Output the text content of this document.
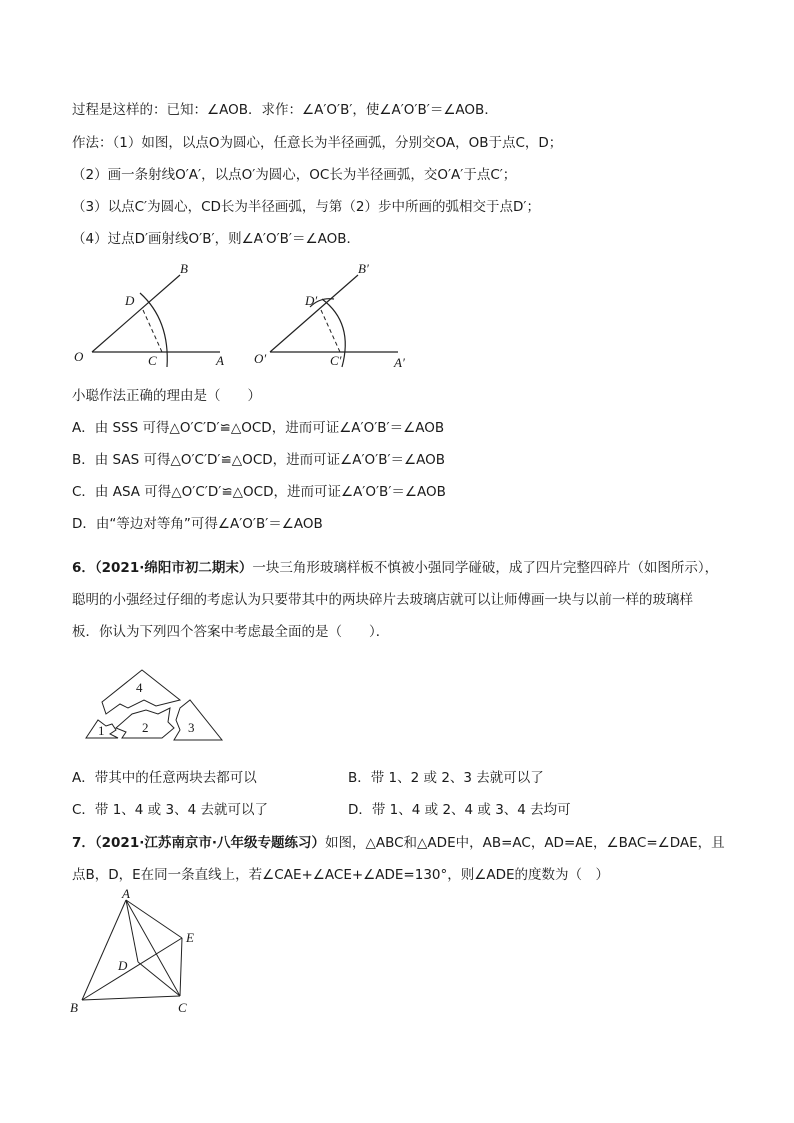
过程是这样的：已知：∠AOB．求作：∠A′O′B′，使∠A′O′B′＝∠AOB．
作法：（1）如图，以点O为圆心，任意长为半径画弧，分别交OA，OB于点C，D；
（2）画一条射线O′A′，以点O′为圆心，OC长为半径画弧，交O′A′于点C′；
（3）以点C′为圆心，CD长为半径画弧，与第（2）步中所画的弧相交于点D′；
（4）过点D′画射线O′B′，则∠A′O′B′＝∠AOB．
O	C	A
D
B
O′	C′	A′
D′
B′
小聪作法正确的理由是（　　）
A．由 SSS 可得△O′C′D′≌△OCD，进而可证∠A′O′B′＝∠AOB
B．由 SAS 可得△O′C′D′≌△OCD，进而可证∠A′O′B′＝∠AOB
C．由 ASA 可得△O′C′D′≌△OCD，进而可证∠A′O′B′＝∠AOB
D．由“等边对等角”可得∠A′O′B′＝∠AOB
6．（2021·绵阳市初二期末）一块三角形玻璃样板不慎被小强同学碰破，成了四片完整四碎片（如图所示），
聪明的小强经过仔细的考虑认为只要带其中的两块碎片去玻璃店就可以让师傅画一块与以前一样的玻璃样
板．你认为下列四个答案中考虑最全面的是（　　）．
4
1	2	3
A．带其中的任意两块去都可以	B．带 1、2 或 2、3 去就可以了
C．带 1、4 或 3、4 去就可以了	D．带 1、4 或 2、4 或 3、4 去均可
7．（2021·江苏南京市·八年级专题练习）如图，△ABC和△ADE中，AB=AC，AD=AE，∠BAC=∠DAE，且
点B，D，E在同一条直线上，若∠CAE+∠ACE+∠ADE=130°，则∠ADE的度数为（　）
A
B	C
D
E
